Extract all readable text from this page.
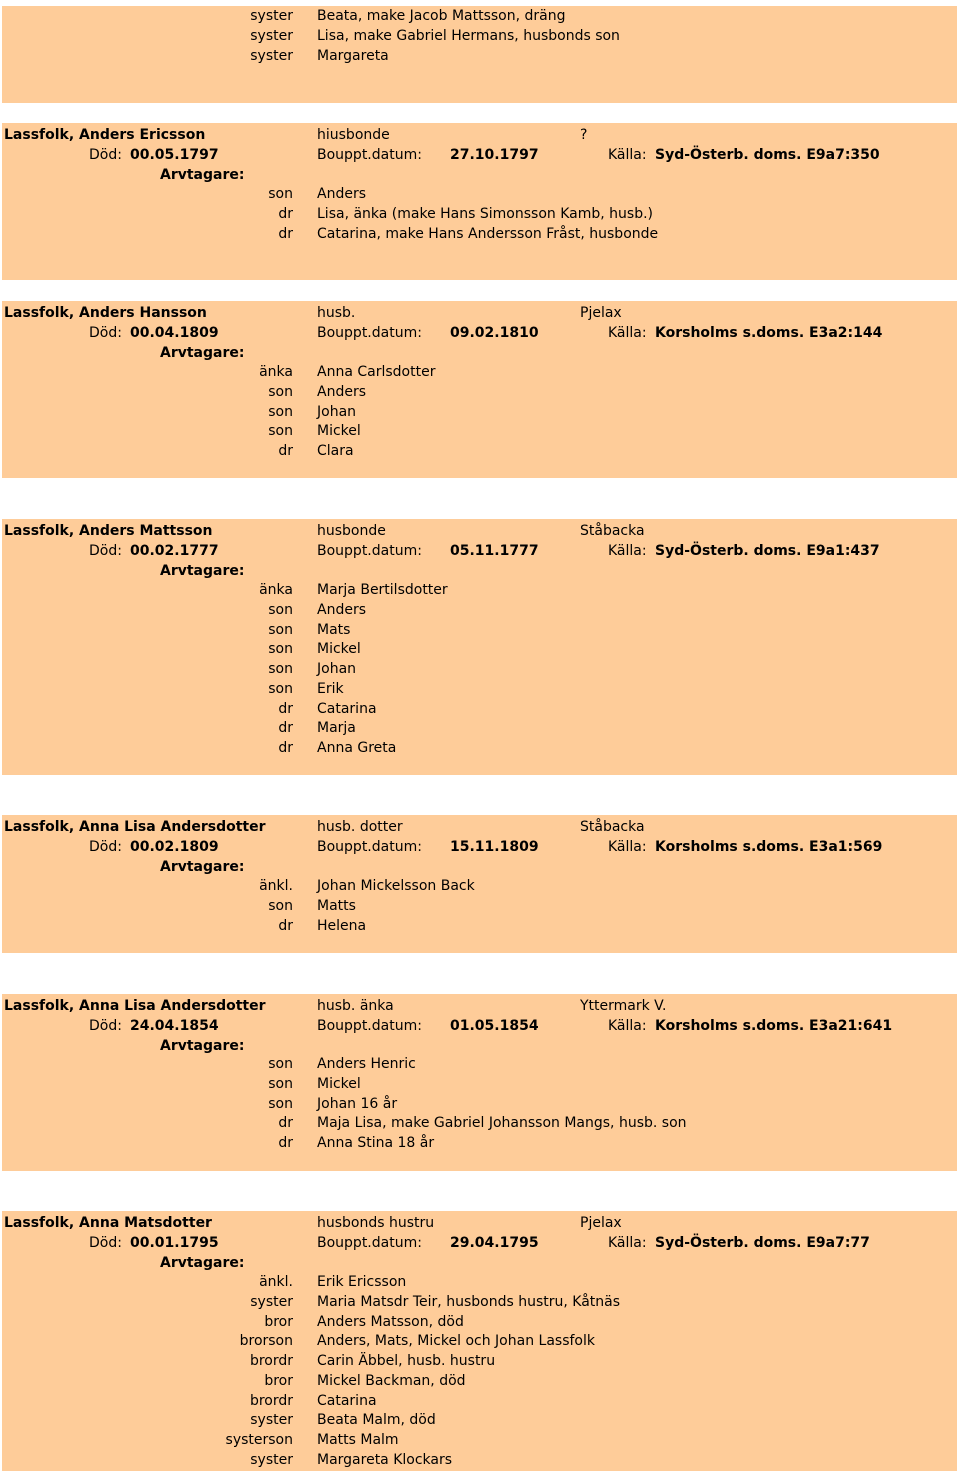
syster Beata, make Jacob Mattsson, dräng
syster Lisa, make Gabriel Hermans, husbonds son
syster Margareta
Lassfolk, Anders Ericsson	hiusbonde	?
Död: 00.05.1797	Bouppt.datum: 27.10.1797	Källa: Syd-Österb. doms. E9a7:350
Arvtagare:
son Anders
dr Lisa, änka (make Hans Simonsson Kamb, husb.)
dr Catarina, make Hans Andersson Fråst, husbonde
Lassfolk, Anders Hansson	husb.	Pjelax
Död: 00.04.1809	Bouppt.datum: 09.02.1810	Källa: Korsholms s.doms. E3a2:144
Arvtagare:
änka Anna Carlsdotter
son Anders
son Johan
son Mickel
dr Clara
Lassfolk, Anders Mattsson	husbonde	Ståbacka
Död: 00.02.1777	Bouppt.datum: 05.11.1777	Källa: Syd-Österb. doms. E9a1:437
Arvtagare:
änka Marja Bertilsdotter
son Anders
son Mats
son Mickel
son Johan
son Erik
dr Catarina
dr Marja
dr Anna Greta
Lassfolk, Anna Lisa Andersdotter	husb. dotter	Ståbacka
Död: 00.02.1809	Bouppt.datum: 15.11.1809	Källa: Korsholms s.doms. E3a1:569
Arvtagare:
änkl. Johan Mickelsson Back
son Matts
dr Helena
Lassfolk, Anna Lisa Andersdotter	husb. änka	Yttermark V.
Död: 24.04.1854	Bouppt.datum: 01.05.1854	Källa: Korsholms s.doms. E3a21:641
Arvtagare:
son Anders Henric
son Mickel
son Johan 16 år
dr Maja Lisa, make Gabriel Johansson Mangs, husb. son
dr Anna Stina 18 år
Lassfolk, Anna Matsdotter	husbonds hustru	Pjelax
Död: 00.01.1795	Bouppt.datum: 29.04.1795	Källa: Syd-Österb. doms. E9a7:77
Arvtagare:
änkl. Erik Ericsson
syster Maria Matsdr Teir, husbonds hustru, Kåtnäs
bror Anders Matsson, död
brorson Anders, Mats, Mickel och Johan Lassfolk
brordr Carin Äbbel, husb. hustru
bror Mickel Backman, död
brordr Catarina
syster Beata Malm, död
systerson Matts Malm
syster Margareta Klockars
